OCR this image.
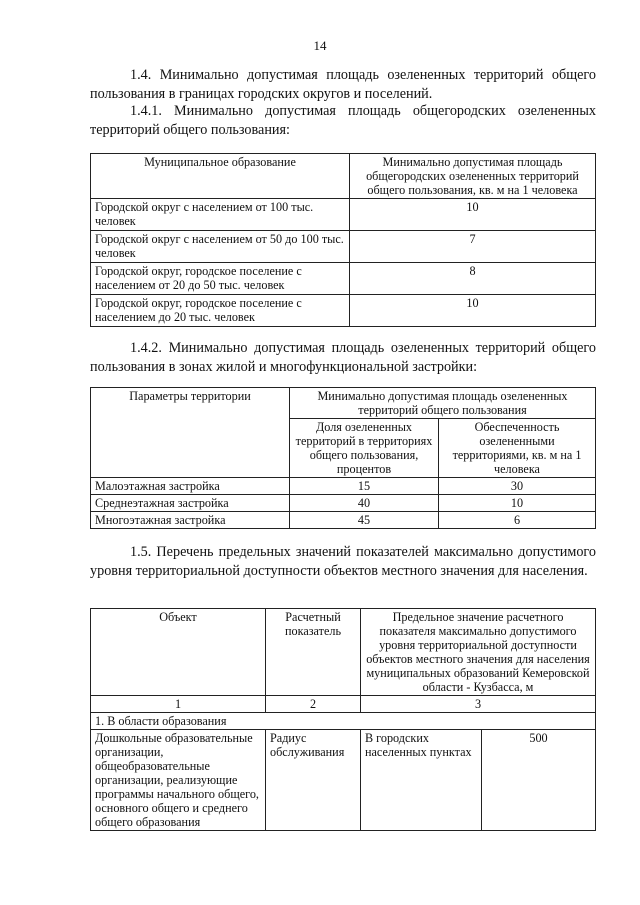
14
1.4. Минимально допустимая площадь озелененных территорий общего пользования в границах городских округов и поселений.
1.4.1. Минимально допустимая площадь общегородских озелененных территорий общего пользования:
Муниципальное образование	Минимально допустимая площадь общегородских озелененных территорий общего пользования, кв. м на 1 человека
Городской округ с населением от 100 тыс. человек	10
Городской округ с населением от 50 до 100 тыс. человек	7
Городской округ, городское поселение с населением от 20 до 50 тыс. человек	8
Городской округ, городское поселение с населением до 20 тыс. человек	10
1.4.2. Минимально допустимая площадь озелененных территорий общего пользования в зонах жилой и многофункциональной застройки:
Параметры территории	Минимально допустимая площадь озелененных территорий общего пользования	
	Доля озелененных территорий в территориях общего пользования, процентов	Обеспеченность озелененными территориями, кв. м на 1 человека
Малоэтажная застройка	15	30
Среднеэтажная застройка	40	10
Многоэтажная застройка	45	6
1.5. Перечень предельных значений показателей максимально допустимого уровня территориальной доступности объектов местного значения для населения.
Объект	Расчетный показатель	Предельное значение расчетного показателя максимально допустимого уровня территориальной доступности объектов местного значения для населения муниципальных образований Кемеровской области - Кузбасса, м	
1	2	3	
1. В области образования			
Дошкольные образовательные организации, общеобразовательные организации, реализующие программы начального общего, основного общего и среднего общего образования	Радиус обслуживания	В городских населенных пунктах	500
